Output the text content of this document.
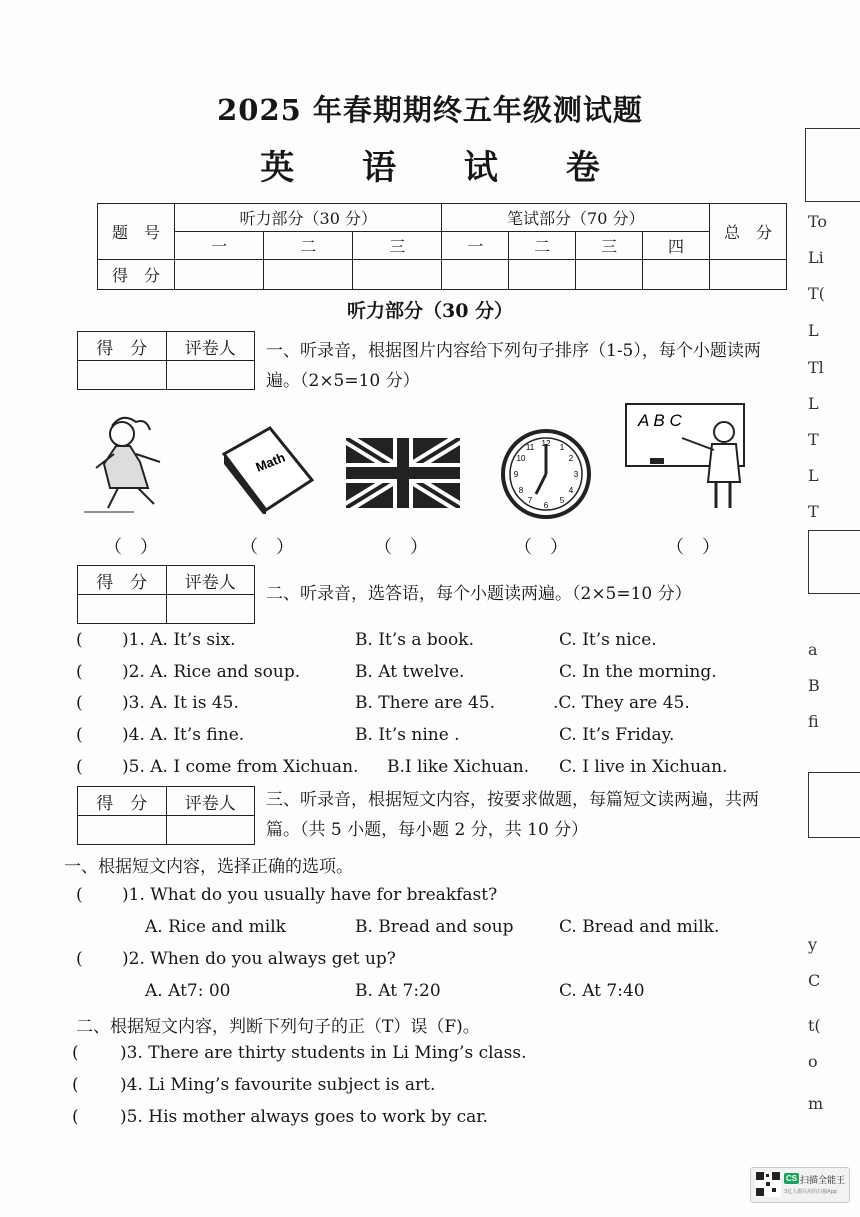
2025 年春期期终五年级测试题
英 语 试 卷
题　号	听力部分（30 分）			笔试部分（70 分）				总　分
	一	二	三	一	二	三	四	
得　分								
听力部分（30 分）
得　分	评卷人
	一、听录音，根据图片内容给下列句子排序（1-5），每个小题读两遍。（2×5=10 分）
Math
12
3
6
9
1
2
4
5
7
8
10
11
A B C
（　）	（　）	（　）	（　）	（　）
得　分	评卷人

二、听录音，选答语，每个小题读两遍。（2×5=10 分）
( )1. A. It’s six.	B. It’s a book.	C. It’s nice.
( )2. A. Rice and soup.	B. At twelve.	C. In the morning.
( )3. A. It is 45.	B. There are 45.	.C. They are 45.
( )4. A. It’s fine.	B. It’s nine .	C. It’s Friday.
( )5. A. I come from Xichuan. B.I like Xichuan. C. I live in Xichuan.
得　分	评卷人
	三、听录音，根据短文内容，按要求做题，每篇短文读两遍，共两篇。（共 5 小题，每小题 2 分，共 10 分）
一、根据短文内容，选择正确的选项。
( )1. What do you usually have for breakfast?
A. Rice and milk	B. Bread and soup	C. Bread and milk.
( )2. When do you always get up?
A. At7: 00	B. At 7:20	C. At 7:40
二、根据短文内容，判断下列句子的正（T）误（F)。
( )3. There are thirty students in Li Ming’s class.
( )4. Li Ming’s favourite subject is art.
( )5. His mother always goes to work by car.
To
Li
T(
L
Tl
L
T
L
T
a
B
fi
y
C
t(
o
m
CS 扫描全能王
3亿人都在用的扫描App
